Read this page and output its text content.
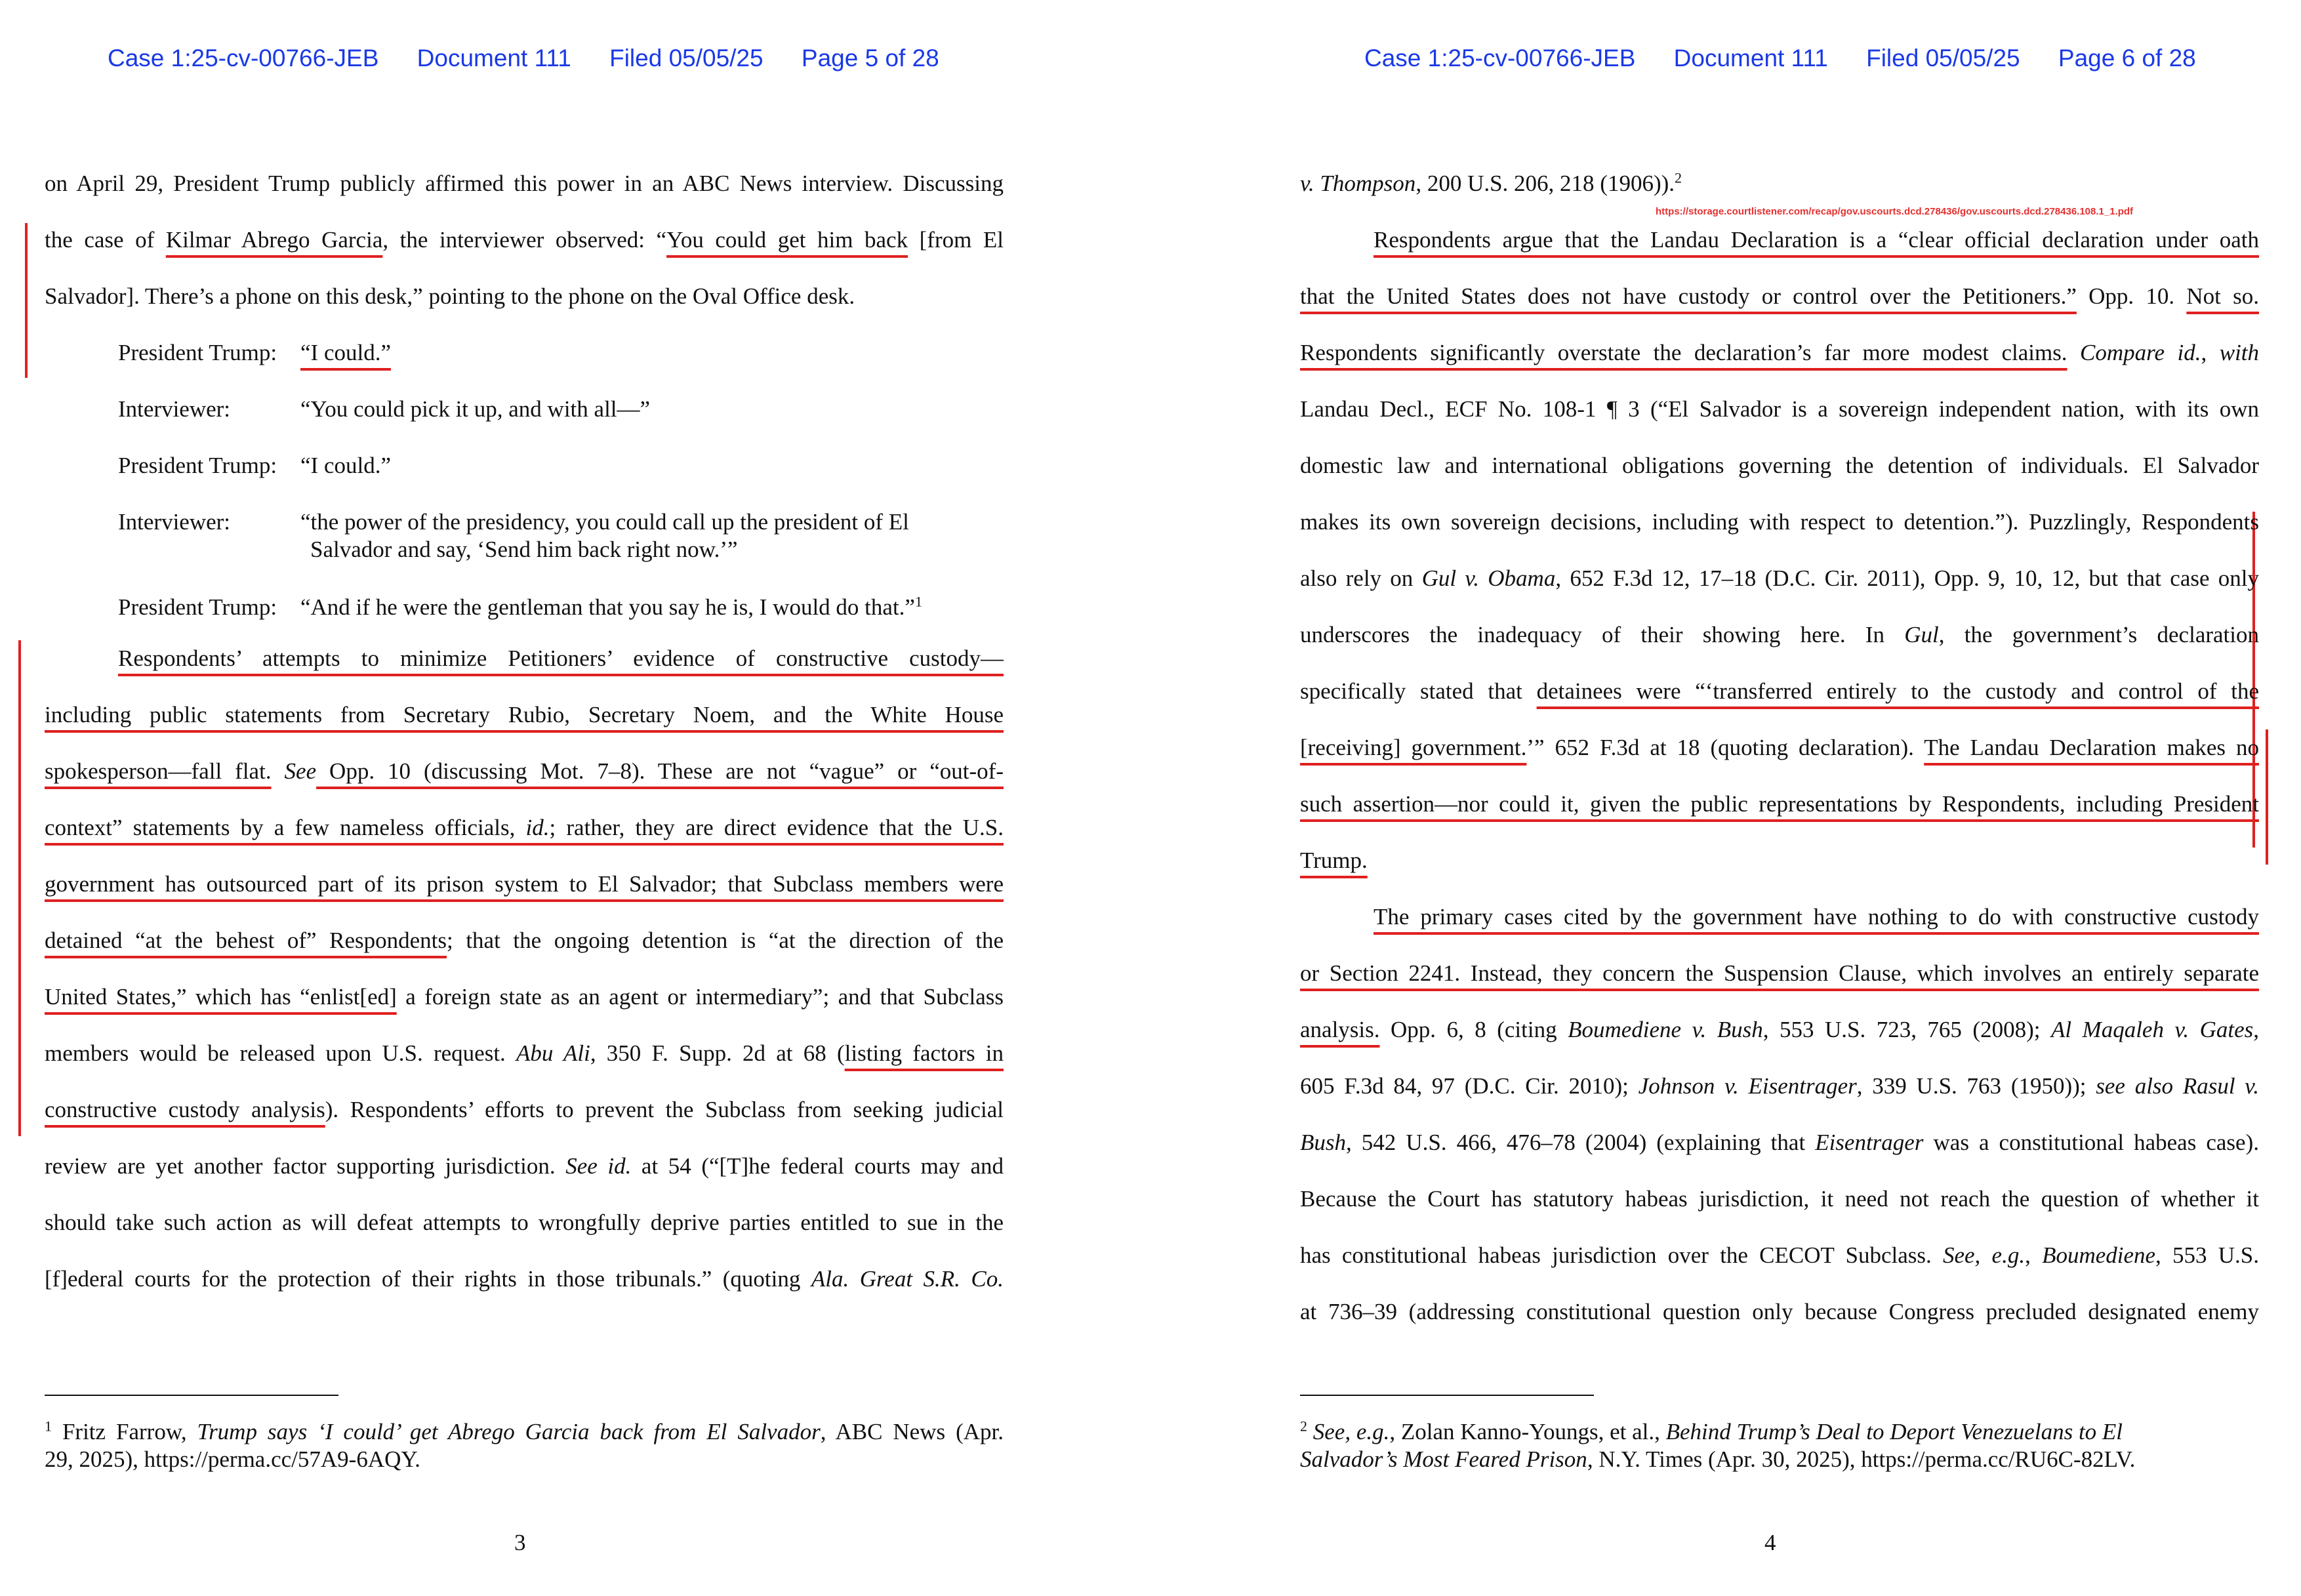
Case 1:25-cv-00766-JEB Document 111 Filed 05/05/25 Page 5 of 28
on April 29, President Trump publicly affirmed this power in an ABC News interview. Discussing
the case of Kilmar Abrego Garcia, the interviewer observed: “You could get him back [from El
Salvador]. There’s a phone on this desk,” pointing to the phone on the Oval Office desk.
President Trump: “I could.”
Interviewer:	“You could pick it up, and with all—”
President Trump: “I could.”
Interviewer:	“the power of the presidency, you could call up the president of El
Salvador and say, ‘Send him back right now.’”
President Trump: “And if he were the gentleman that you say he is, I would do that.”$^1$
Respondents’ attempts to minimize Petitioners’ evidence of constructive custody—
including public statements from Secretary Rubio, Secretary Noem, and the White House
spokesperson—fall flat. See Opp. 10 (discussing Mot. 7–8). These are not “vague” or “out-of-
context” statements by a few nameless officials, id.; rather, they are direct evidence that the U.S.
government has outsourced part of its prison system to El Salvador; that Subclass members were
detained “at the behest of” Respondents; that the ongoing detention is “at the direction of the
United States,” which has “enlist[ed] a foreign state as an agent or intermediary”; and that Subclass
members would be released upon U.S. request. Abu Ali, 350 F. Supp. 2d at 68 (listing factors in
constructive custody analysis). Respondents’ efforts to prevent the Subclass from seeking judicial
review are yet another factor supporting jurisdiction. See id. at 54 (“[T]he federal courts may and
should take such action as will defeat attempts to wrongfully deprive parties entitled to sue in the
[f]ederal courts for the protection of their rights in those tribunals.” (quoting Ala. Great S.R. Co.
$^1$ Fritz Farrow, Trump says ‘I could’ get Abrego Garcia back from El Salvador, ABC News (Apr.
29, 2025), https://perma.cc/57A9-6AQY.
3
Case 1:25-cv-00766-JEB Document 111 Filed 05/05/25 Page 6 of 28
https://storage.courtlistener.com/recap/gov.uscourts.dcd.278436/gov.uscourts.dcd.278436.108.1_1.pdf
v. Thompson, 200 U.S. 206, 218 (1906)).$^2$
Respondents argue that the Landau Declaration is a “clear official declaration under oath
that the United States does not have custody or control over the Petitioners.” Opp. 10. Not so.
Respondents significantly overstate the declaration’s far more modest claims. Compare id., with
Landau Decl., ECF No. 108-1 ¶ 3 (“El Salvador is a sovereign independent nation, with its own
domestic law and international obligations governing the detention of individuals. El Salvador
makes its own sovereign decisions, including with respect to detention.”). Puzzlingly, Respondents
also rely on Gul v. Obama, 652 F.3d 12, 17–18 (D.C. Cir. 2011), Opp. 9, 10, 12, but that case only
underscores the inadequacy of their showing here. In Gul, the government’s declaration
specifically stated that detainees were “‘transferred entirely to the custody and control of the
[receiving] government.’” 652 F.3d at 18 (quoting declaration). The Landau Declaration makes no
such assertion—nor could it, given the public representations by Respondents, including President
Trump.
The primary cases cited by the government have nothing to do with constructive custody
or Section 2241. Instead, they concern the Suspension Clause, which involves an entirely separate
analysis. Opp. 6, 8 (citing Boumediene v. Bush, 553 U.S. 723, 765 (2008); Al Maqaleh v. Gates,
605 F.3d 84, 97 (D.C. Cir. 2010); Johnson v. Eisentrager, 339 U.S. 763 (1950)); see also Rasul v.
Bush, 542 U.S. 466, 476–78 (2004) (explaining that Eisentrager was a constitutional habeas case).
Because the Court has statutory habeas jurisdiction, it need not reach the question of whether it
has constitutional habeas jurisdiction over the CECOT Subclass. See, e.g., Boumediene, 553 U.S.
at 736–39 (addressing constitutional question only because Congress precluded designated enemy
$^2$ See, e.g., Zolan Kanno-Youngs, et al., Behind Trump’s Deal to Deport Venezuelans to El
Salvador’s Most Feared Prison, N.Y. Times (Apr. 30, 2025), https://perma.cc/RU6C-82LV.
4
